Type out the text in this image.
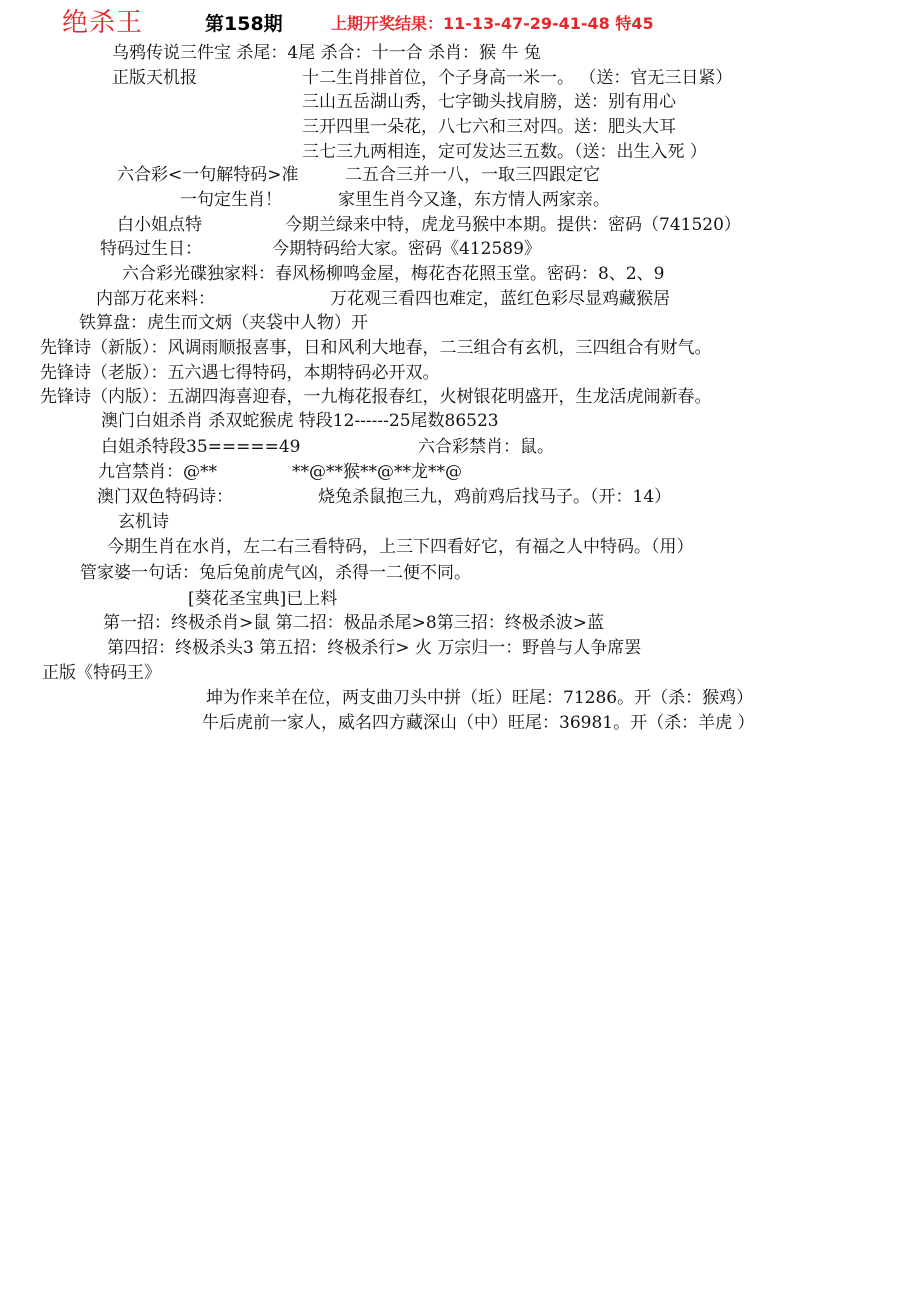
绝杀王	第158期	上期开奖结果：11-13-47-29-41-48 特45
乌鸦传说三件宝 杀尾：4尾 杀合：十一合 杀肖：猴 牛 兔
正版天机报	十二生肖排首位，个子身高一米一。 （送：官无三日紧）
三山五岳湖山秀，七字锄头找肩膀，送：别有用心
三开四里一朵花，八七六和三对四。送：肥头大耳
三七三九两相连，定可发达三五数。（送：出生入死 ）
六合彩<一句解特码>准	二五合三并一八，一取三四跟定它
一句定生肖！	家里生肖今又逢，东方情人两家亲。
白小姐点特	今期兰绿来中特，虎龙马猴中本期。提供：密码（741520）
特码过生日：	今期特码给大家。密码《412589》
六合彩光碟独家料：春风杨柳鸣金屋，梅花杏花照玉堂。密码：8、2、9
内部万花来料：	万花观三看四也难定，蓝红色彩尽显鸡藏猴居
铁算盘：虎生而文炳（夹袋中人物）开
先锋诗（新版）：风调雨顺报喜事，日和风利大地春，二三组合有玄机，三四组合有财气。
先锋诗（老版）：五六遇七得特码，本期特码必开双。
先锋诗（内版）：五湖四海喜迎春，一九梅花报春红，火树银花明盛开，生龙活虎闹新春。
澳门白姐杀肖 杀双蛇猴虎 特段12------25尾数86523
白姐杀特段35=====49	六合彩禁肖：鼠。
九宫禁肖：@**	**@**猴**@**龙**@
澳门双色特码诗：	烧兔杀鼠抱三九，鸡前鸡后找马子。（开：14）
玄机诗
今期生肖在水肖，左二右三看特码，上三下四看好它，有福之人中特码。（用）
管家婆一句话：兔后兔前虎气凶，杀得一二便不同。
[葵花圣宝典]已上料
第一招：终极杀肖>鼠 第二招：极品杀尾>8第三招：终极杀波>蓝
第四招：终极杀头3 第五招：终极杀行> 火 万宗归一：野兽与人争席罢
正版《特码王》
坤为作来羊在位，两支曲刀头中拼（坵）旺尾：71286。开（杀：猴鸡）
牛后虎前一家人，威名四方藏深山（中）旺尾：36981。开（杀：羊虎 ）
